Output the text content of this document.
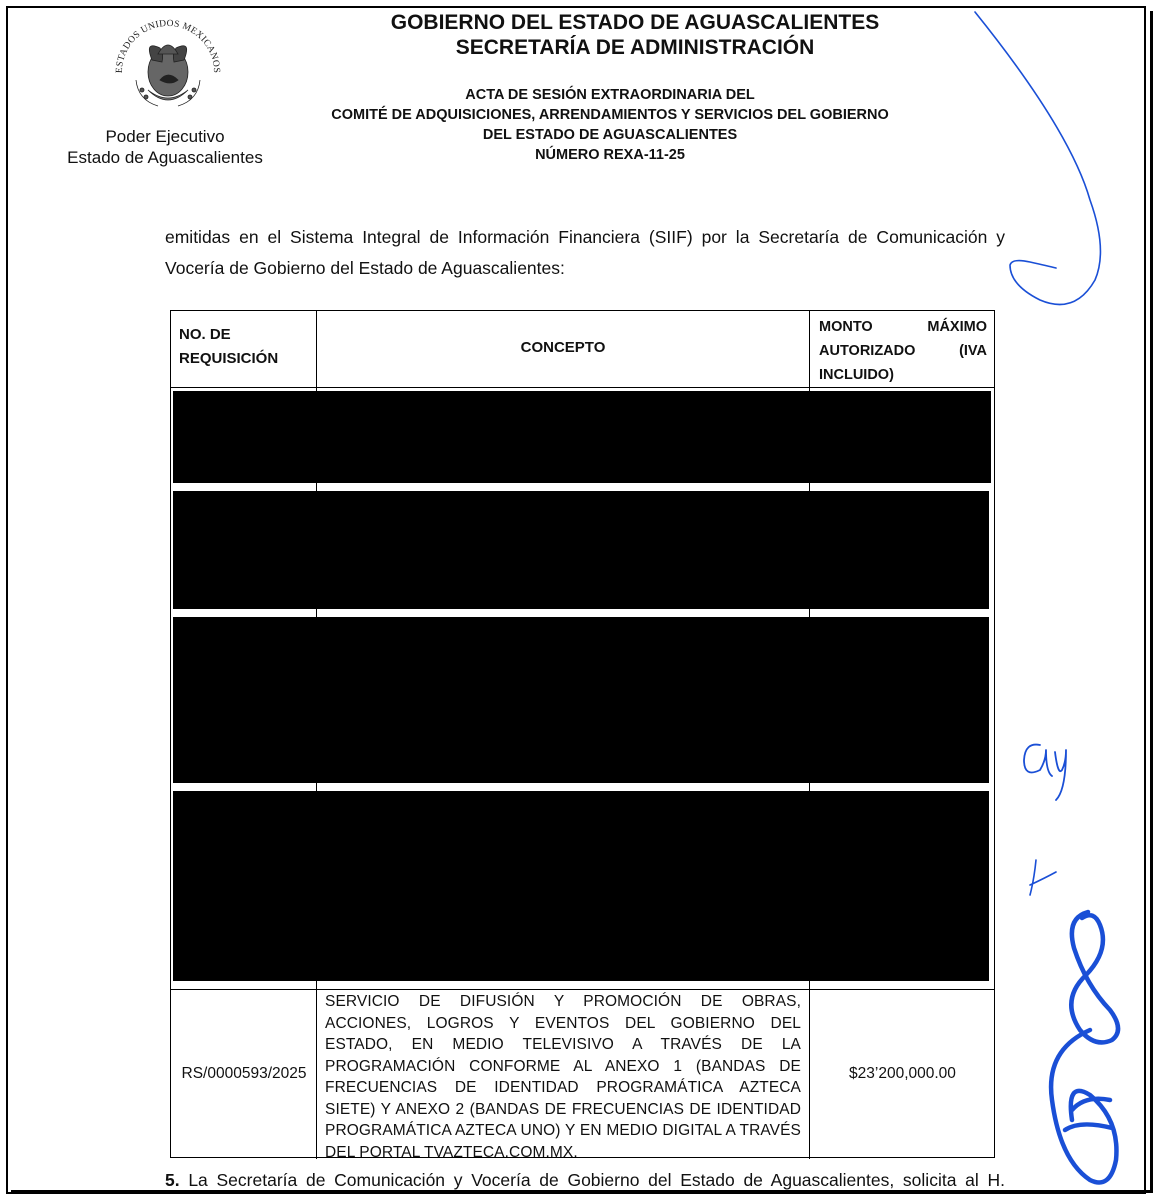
ESTADOS UNIDOS MEXICANOS
Poder Ejecutivo
Estado de Aguascalientes
GOBIERNO DEL ESTADO DE AGUASCALIENTES
SECRETARÍA DE ADMINISTRACIÓN
ACTA DE SESIÓN EXTRAORDINARIA DEL
COMITÉ DE ADQUISICIONES, ARRENDAMIENTOS Y SERVICIOS DEL GOBIERNO
DEL ESTADO DE AGUASCALIENTES
NÚMERO REXA-11-25
emitidas en el Sistema Integral de Información Financiera (SIIF) por la Secretaría de Comunicación y
Vocería de Gobierno del Estado de Aguascalientes:
NO. DE REQUISICIÓN
CONCEPTO
MONTO MÁXIMO AUTORIZADO (IVA
INCLUIDO)
RS/0000593/2025
SERVICIO DE DIFUSIÓN Y PROMOCIÓN DE OBRAS, ACCIONES, LOGROS Y EVENTOS DEL GOBIERNO DEL ESTADO, EN MEDIO TELEVISIVO A TRAVÉS DE LA PROGRAMACIÓN CONFORME AL ANEXO 1 (BANDAS DE FRECUENCIAS DE IDENTIDAD PROGRAMÁTICA AZTECA SIETE) Y ANEXO 2 (BANDAS DE FRECUENCIAS DE IDENTIDAD PROGRAMÁTICA AZTECA UNO) Y EN MEDIO DIGITAL A TRAVÉS DEL PORTAL TVAZTECA.COM.MX.
$23’200,000.00
5. La Secretaría de Comunicación y Vocería de Gobierno del Estado de Aguascalientes, solicita al H.
